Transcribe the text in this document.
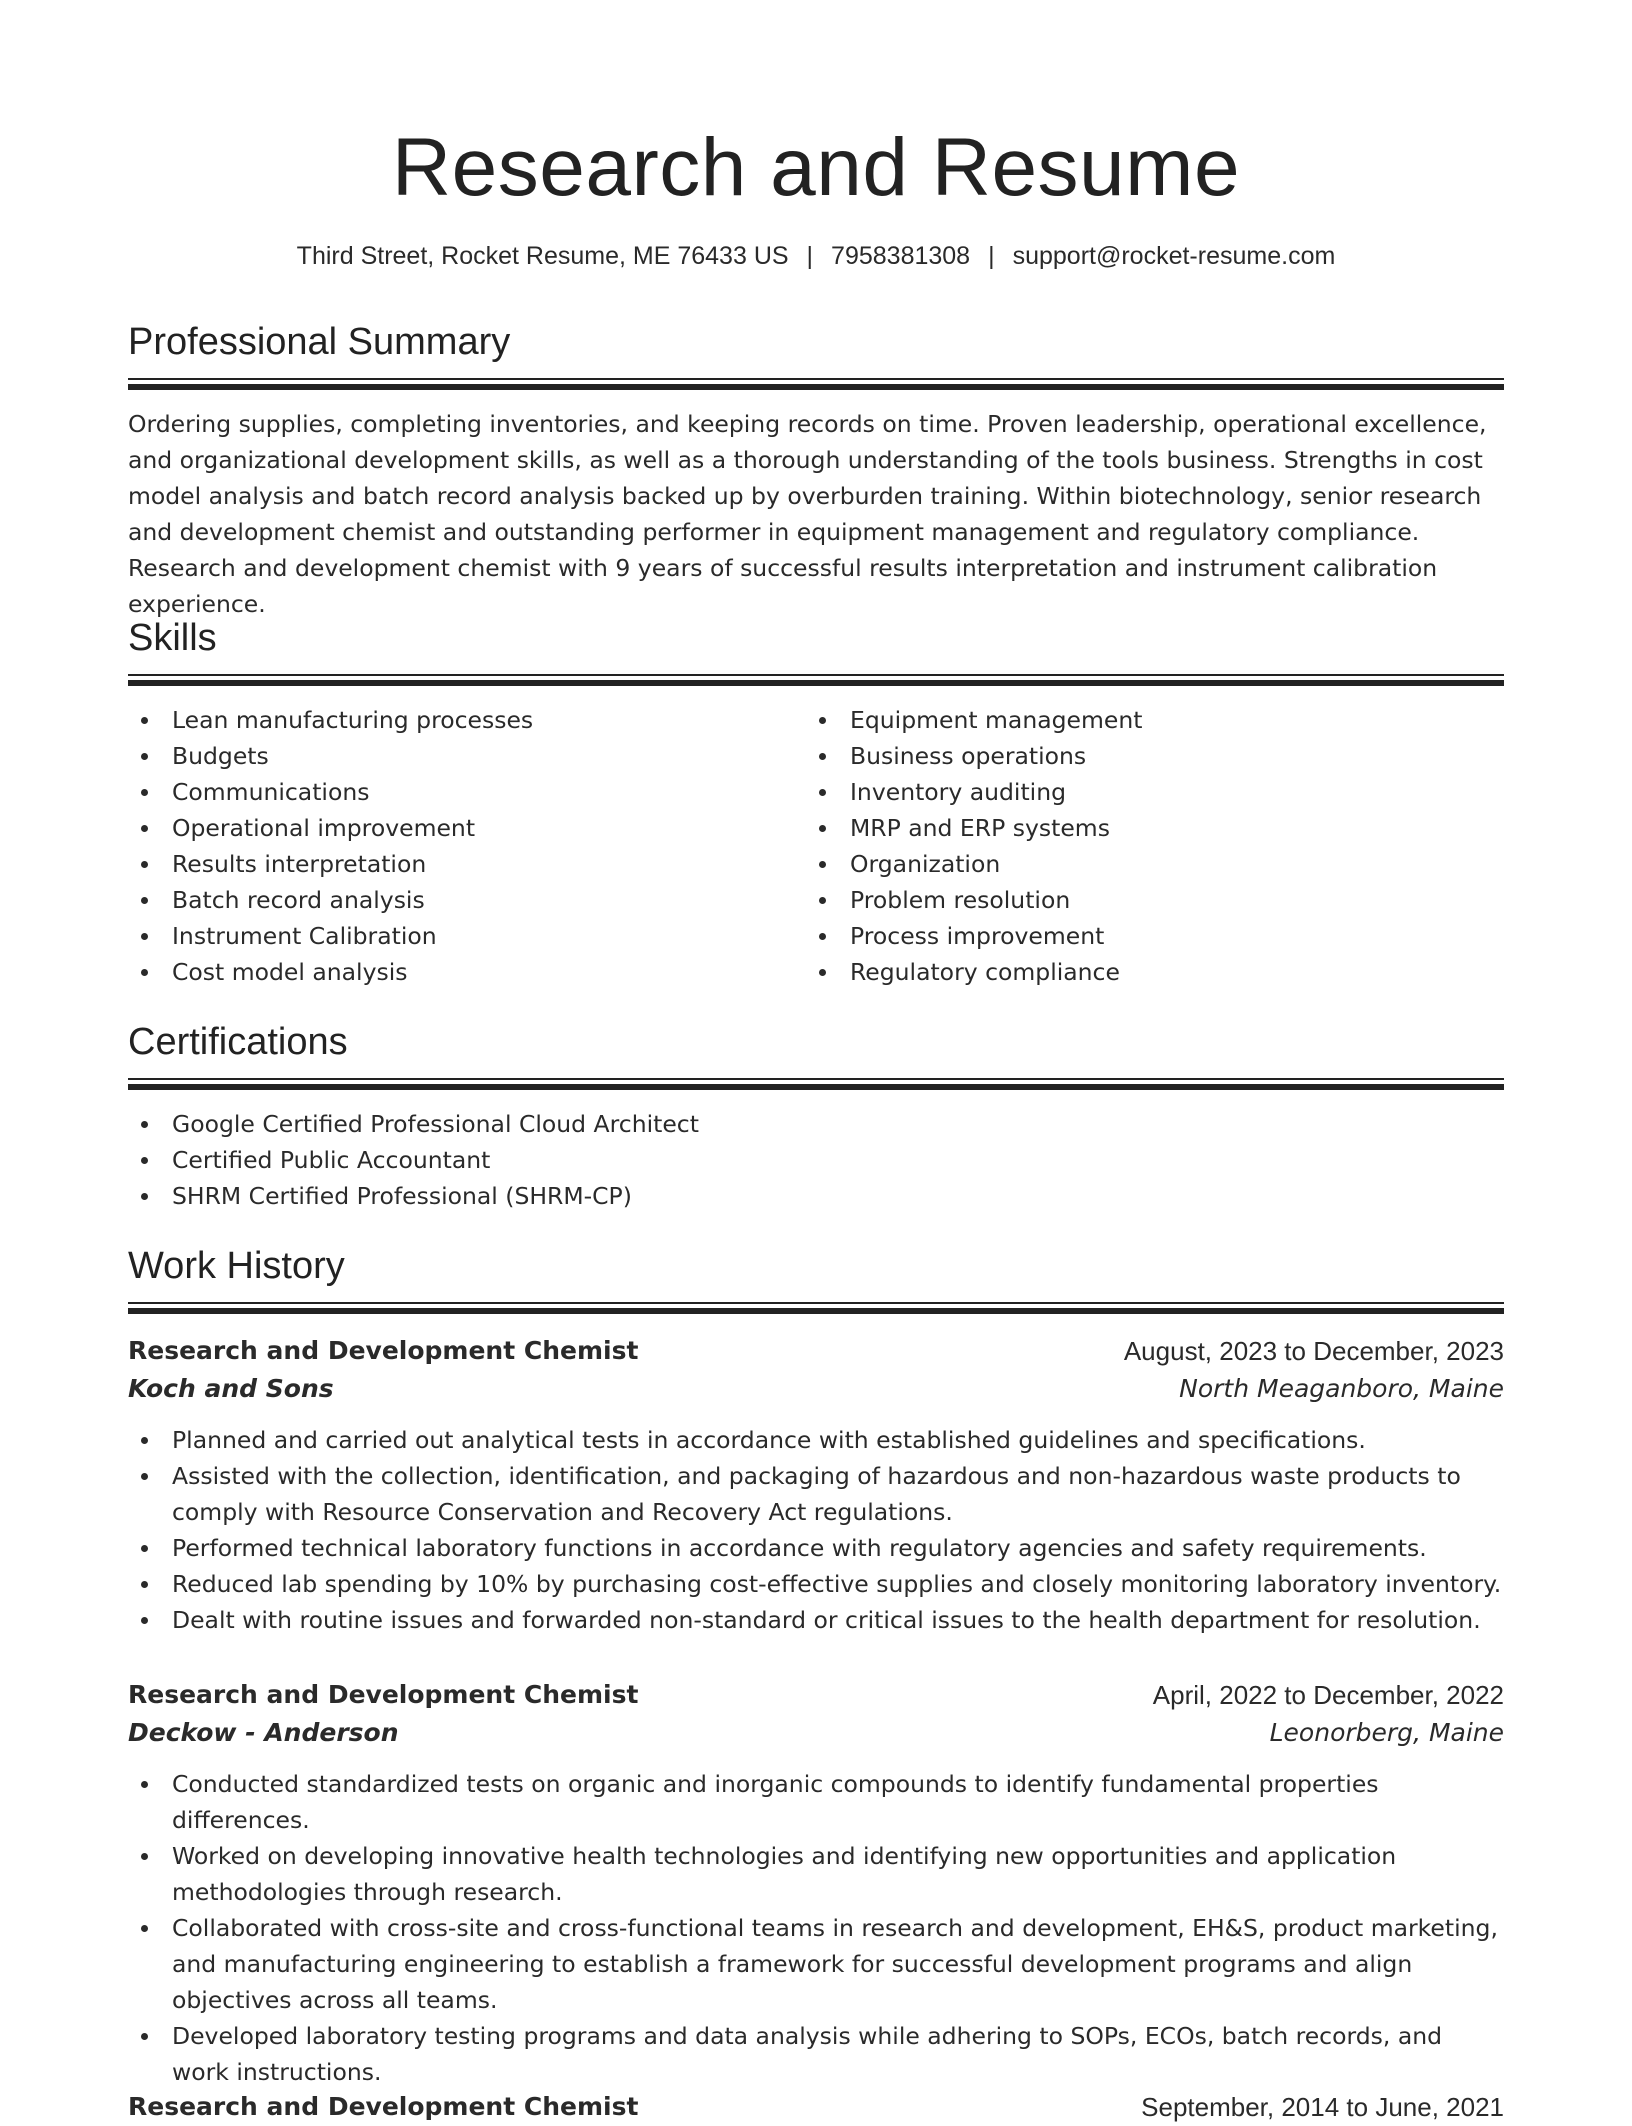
Research and Resume
Third Street, Rocket Resume, ME 76433 US | 7958381308 | support@rocket-resume.com
Professional Summary
Ordering supplies, completing inventories, and keeping records on time. Proven leadership, operational excellence, and organizational development skills, as well as a thorough understanding of the tools business. Strengths in cost model analysis and batch record analysis backed up by overburden training. Within biotechnology, senior research and development chemist and outstanding performer in equipment management and regulatory compliance. Research and development chemist with 9 years of successful results interpretation and instrument calibration experience.
Skills
Lean manufacturing processes
Budgets
Communications
Operational improvement
Results interpretation
Batch record analysis
Instrument Calibration
Cost model analysis
Equipment management
Business operations
Inventory auditing
MRP and ERP systems
Organization
Problem resolution
Process improvement
Regulatory compliance
Certifications
Google Certified Professional Cloud Architect
Certified Public Accountant
SHRM Certified Professional (SHRM-CP)
Work History
Research and Development Chemist	August, 2023 to December, 2023
Koch and Sons	North Meaganboro, Maine
Planned and carried out analytical tests in accordance with established guidelines and specifications.
Assisted with the collection, identification, and packaging of hazardous and non-hazardous waste products to comply with Resource Conservation and Recovery Act regulations.
Performed technical laboratory functions in accordance with regulatory agencies and safety requirements.
Reduced lab spending by 10% by purchasing cost-effective supplies and closely monitoring laboratory inventory.
Dealt with routine issues and forwarded non-standard or critical issues to the health department for resolution.
Research and Development Chemist	April, 2022 to December, 2022
Deckow - Anderson	Leonorberg, Maine
Conducted standardized tests on organic and inorganic compounds to identify fundamental properties differences.
Worked on developing innovative health technologies and identifying new opportunities and application methodologies through research.
Collaborated with cross-site and cross-functional teams in research and development, EH&S, product marketing, and manufacturing engineering to establish a framework for successful development programs and align objectives across all teams.
Developed laboratory testing programs and data analysis while adhering to SOPs, ECOs, batch records, and work instructions.
Research and Development Chemist	September, 2014 to June, 2021
